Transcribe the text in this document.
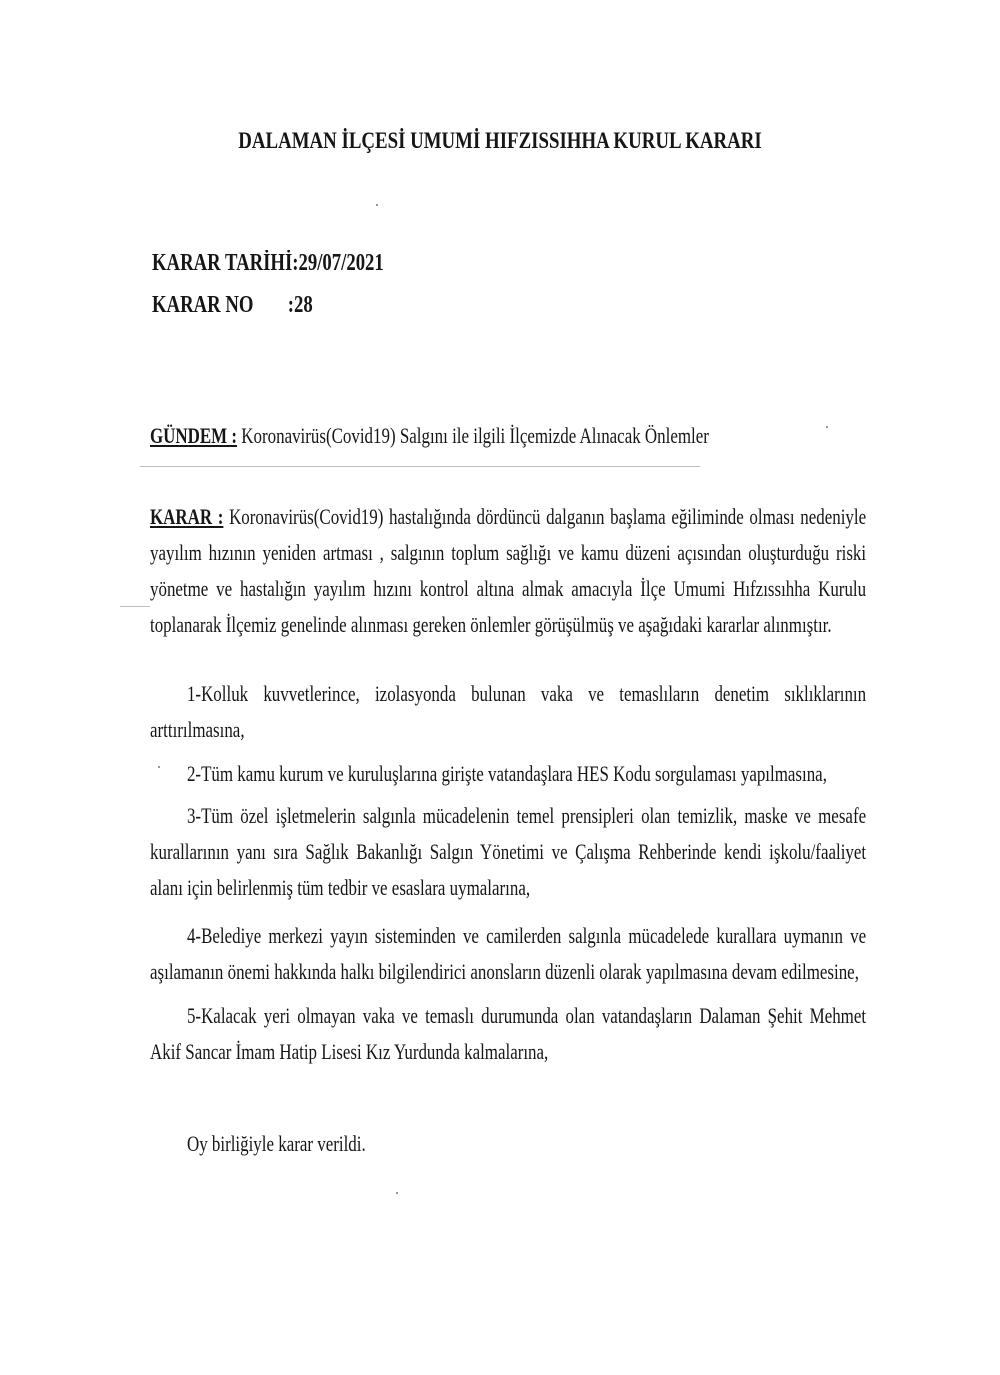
DALAMAN İLÇESİ UMUMİ HIFZISSIHHA KURUL KARARI
KARAR TARİHİ:29/07/2021
KARAR NO :28
GÜNDEM : Koronavirüs(Covid19) Salgını ile ilgili İlçemizde Alınacak Önlemler
KARAR : Koronavirüs(Covid19) hastalığında dördüncü dalganın başlama eğiliminde olması nedeniyle yayılım hızının yeniden artması , salgının toplum sağlığı ve kamu düzeni açısından oluşturduğu riski yönetme ve hastalığın yayılım hızını kontrol altına almak amacıyla İlçe Umumi Hıfzıssıhha Kurulu toplanarak İlçemiz genelinde alınması gereken önlemler görüşülmüş ve aşağıdaki kararlar alınmıştır.
1-Kolluk kuvvetlerince, izolasyonda bulunan vaka ve temaslıların denetim sıklıklarının arttırılmasına,
2-Tüm kamu kurum ve kuruluşlarına girişte vatandaşlara HES Kodu sorgulaması yapılmasına,
3-Tüm özel işletmelerin salgınla mücadelenin temel prensipleri olan temizlik, maske ve mesafe kurallarının yanı sıra Sağlık Bakanlığı Salgın Yönetimi ve Çalışma Rehberinde kendi işkolu/faaliyet alanı için belirlenmiş tüm tedbir ve esaslara uymalarına,
4-Belediye merkezi yayın sisteminden ve camilerden salgınla mücadelede kurallara uymanın ve aşılamanın önemi hakkında halkı bilgilendirici anonsların düzenli olarak yapılmasına devam edilmesine,
5-Kalacak yeri olmayan vaka ve temaslı durumunda olan vatandaşların Dalaman Şehit Mehmet Akif Sancar İmam Hatip Lisesi Kız Yurdunda kalmalarına,
Oy birliğiyle karar verildi.
